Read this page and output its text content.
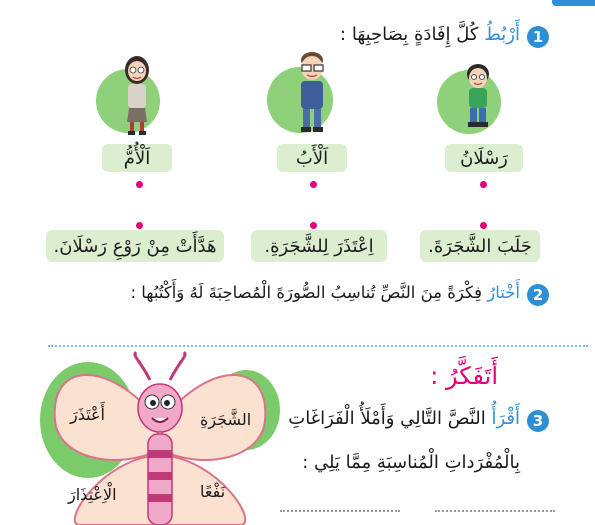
1
أَرْبُطُ كُلَّ إِفَادَةٍ بِصَاحِبِهَا :
اَلْأُمُّ	اَلْأَبُ	رَسْلَانُ
هَدَّأَتْ مِنْ رَوْعِ رَسْلَانَ.	اِعْتَذَرَ لِلشَّجَرَةِ.	جَلَبَ الشَّجَرَةَ.
2
أَخْتارُ فِكْرَةً مِنَ النَّصِّ تُناسِبُ الصُّورَةَ الْمُصاحِبَةَ لَهُ وَأَكْتُبُها :
أَتَفَكَّرُ :
3
أَقْرَأُ النَّصَّ التَّالِي وَأَمْلَأُ الْفَرَاغَاتِ
بِالْمُفْرَداتِ الْمُناسِبَةِ مِمَّا يَلِي :
أَعْتَذَرَ	الشَّجَرَةِ
الْاِعْتِذَارَ	نَفْعًا
